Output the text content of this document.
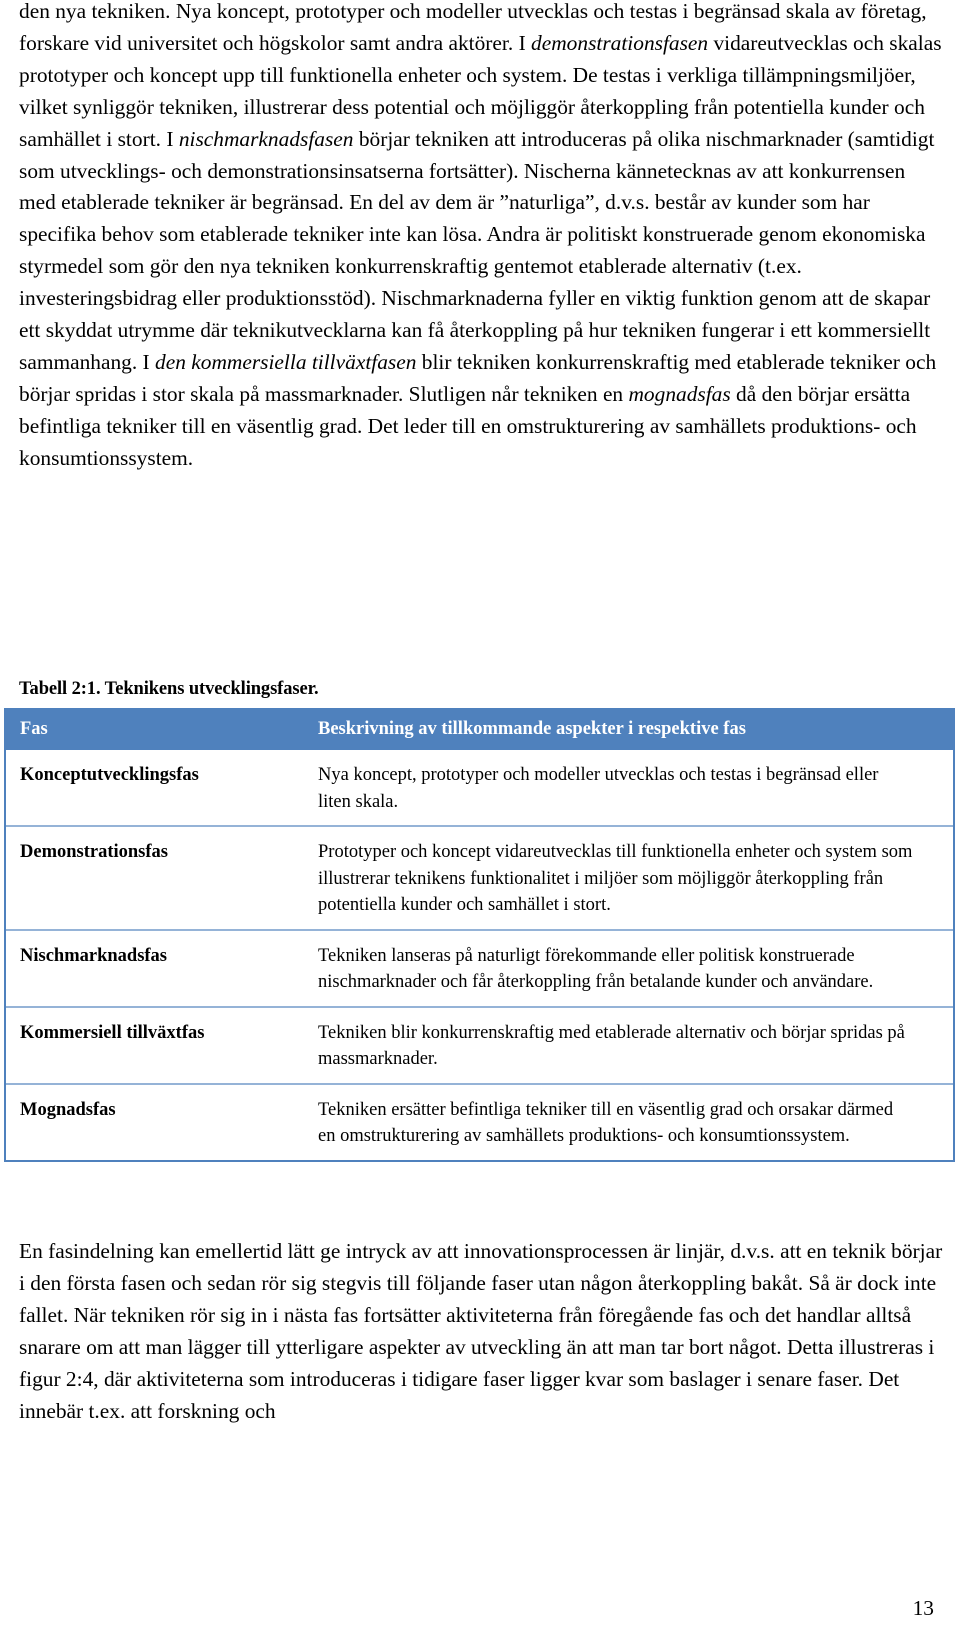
den nya tekniken. Nya koncept, prototyper och modeller utvecklas och testas i begränsad skala av företag, forskare vid universitet och högskolor samt andra aktörer. I demonstrationsfasen vidareutvecklas och skalas prototyper och koncept upp till funktionella enheter och system. De testas i verkliga tillämpningsmiljöer, vilket synliggör tekniken, illustrerar dess potential och möjliggör återkoppling från potentiella kunder och samhället i stort. I nischmarknadsfasen börjar tekniken att introduceras på olika nischmarknader (samtidigt som utvecklings- och demonstrationsinsatserna fortsätter). Nischerna kännetecknas av att konkurrensen med etablerade tekniker är begränsad. En del av dem är ”naturliga”, d.v.s. består av kunder som har specifika behov som etablerade tekniker inte kan lösa. Andra är politiskt konstruerade genom ekonomiska styrmedel som gör den nya tekniken konkurrenskraftig gentemot etablerade alternativ (t.ex. investeringsbidrag eller produktionsstöd). Nischmarknaderna fyller en viktig funktion genom att de skapar ett skyddat utrymme där teknikutvecklarna kan få återkoppling på hur tekniken fungerar i ett kommersiellt sammanhang. I den kommersiella tillväxtfasen blir tekniken konkurrenskraftig med etablerade tekniker och börjar spridas i stor skala på massmarknader. Slutligen når tekniken en mognadsfas då den börjar ersätta befintliga tekniker till en väsentlig grad. Det leder till en omstrukturering av samhällets produktions- och konsumtionssystem.

Tabell 2:1. Teknikens utvecklingsfaser.
Fas	Beskrivning av tillkommande aspekter i respektive fas
Konceptutvecklingsfas	Nya koncept, prototyper och modeller utvecklas och testas i begränsad eller liten skala.
Demonstrationsfas	Prototyper och koncept vidareutvecklas till funktionella enheter och system som illustrerar teknikens funktionalitet i miljöer som möjliggör återkoppling från potentiella kunder och samhället i stort.
Nischmarknadsfas	Tekniken lanseras på naturligt förekommande eller politisk konstruerade nischmarknader och får återkoppling från betalande kunder och användare.
Kommersiell tillväxtfas	Tekniken blir konkurrenskraftig med etablerade alternativ och börjar spridas på massmarknader.
Mognadsfas	Tekniken ersätter befintliga tekniker till en väsentlig grad och orsakar därmed en omstrukturering av samhällets produktions- och konsumtionssystem.

En fasindelning kan emellertid lätt ge intryck av att innovationsprocessen är linjär, d.v.s. att en teknik börjar i den första fasen och sedan rör sig stegvis till följande faser utan någon återkoppling bakåt. Så är dock inte fallet. När tekniken rör sig in i nästa fas fortsätter aktiviteterna från föregående fas och det handlar alltså snarare om att man lägger till ytterligare aspekter av utveckling än att man tar bort något. Detta illustreras i figur 2:4, där aktiviteterna som introduceras i tidigare faser ligger kvar som baslager i senare faser. Det innebär t.ex. att forskning och

13
